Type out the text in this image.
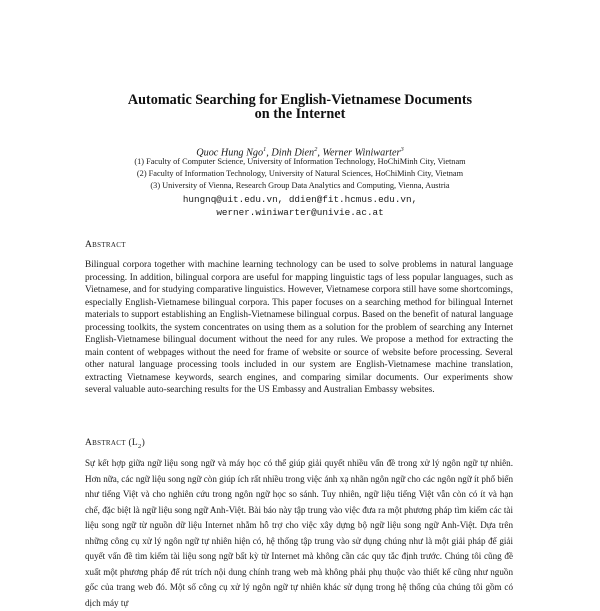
Automatic Searching for English-Vietnamese Documents
on the Internet
Quoc Hung Ngo$^1$, Dinh Dien$^2$, Werner Winiwarter$^3$
(1) Faculty of Computer Science, University of Information Technology, HoChiMinh City, Vietnam
(2) Faculty of Information Technology, University of Natural Sciences, HoChiMinh City, Vietnam
(3) University of Vienna, Research Group Data Analytics and Computing, Vienna, Austria
hungnq@uit.edu.vn, ddien@fit.hcmus.edu.vn,
werner.winiwarter@univie.ac.at
Abstract

Bilingual corpora together with machine learning technology can be used to solve problems in natural language processing. In addition, bilingual corpora are useful for mapping linguistic tags of less popular languages, such as Vietnamese, and for studying comparative linguistics. However, Vietnamese corpora still have some shortcomings, especially English-Vietnamese bilingual corpora. This paper focuses on a searching method for bilingual Internet materials to support establishing an English-Vietnamese bilingual corpus. Based on the benefit of natural language processing toolkits, the system concentrates on using them as a solution for the problem of searching any Internet English-Vietnamese bilingual document without the need for any rules. We propose a method for extracting the main content of webpages without the need for frame of website or source of website before processing. Several other natural language processing tools included in our system are English-Vietnamese machine translation, extracting Vietnamese keywords, search engines, and comparing similar documents. Our experiments show several valuable auto-searching results for the US Embassy and Australian Embassy websites.

Abstract $(L_2)$

Sự kết hợp giữa ngữ liệu song ngữ và máy học có thể giúp giải quyết nhiều vấn đề trong xử lý ngôn ngữ tự nhiên. Hơn nữa, các ngữ liệu song ngữ còn giúp ích rất nhiều trong việc ánh xạ nhãn ngôn ngữ cho các ngôn ngữ ít phổ biến như tiếng Việt và cho nghiên cứu trong ngôn ngữ học so sánh. Tuy nhiên, ngữ liệu tiếng Việt vẫn còn có ít và hạn chế, đặc biệt là ngữ liệu song ngữ Anh-Việt. Bài báo này tập trung vào việc đưa ra một phương pháp tìm kiếm các tài liệu song ngữ từ nguồn dữ liệu Internet nhằm hỗ trợ cho việc xây dựng bộ ngữ liệu song ngữ Anh-Việt. Dựa trên những công cụ xử lý ngôn ngữ tự nhiên hiện có, hệ thống tập trung vào sử dụng chúng như là một giải pháp để giải quyết vấn đề tìm kiếm tài liệu song ngữ bất kỳ từ Internet mà không cần các quy tắc định trước. Chúng tôi cũng đề xuất một phương pháp để rút trích nội dung chính trang web mà không phải phụ thuộc vào thiết kế cũng như nguồn gốc của trang web đó. Một số công cụ xử lý ngôn ngữ tự nhiên khác sử dụng trong hệ thống của chúng tôi gồm có dịch máy tự
